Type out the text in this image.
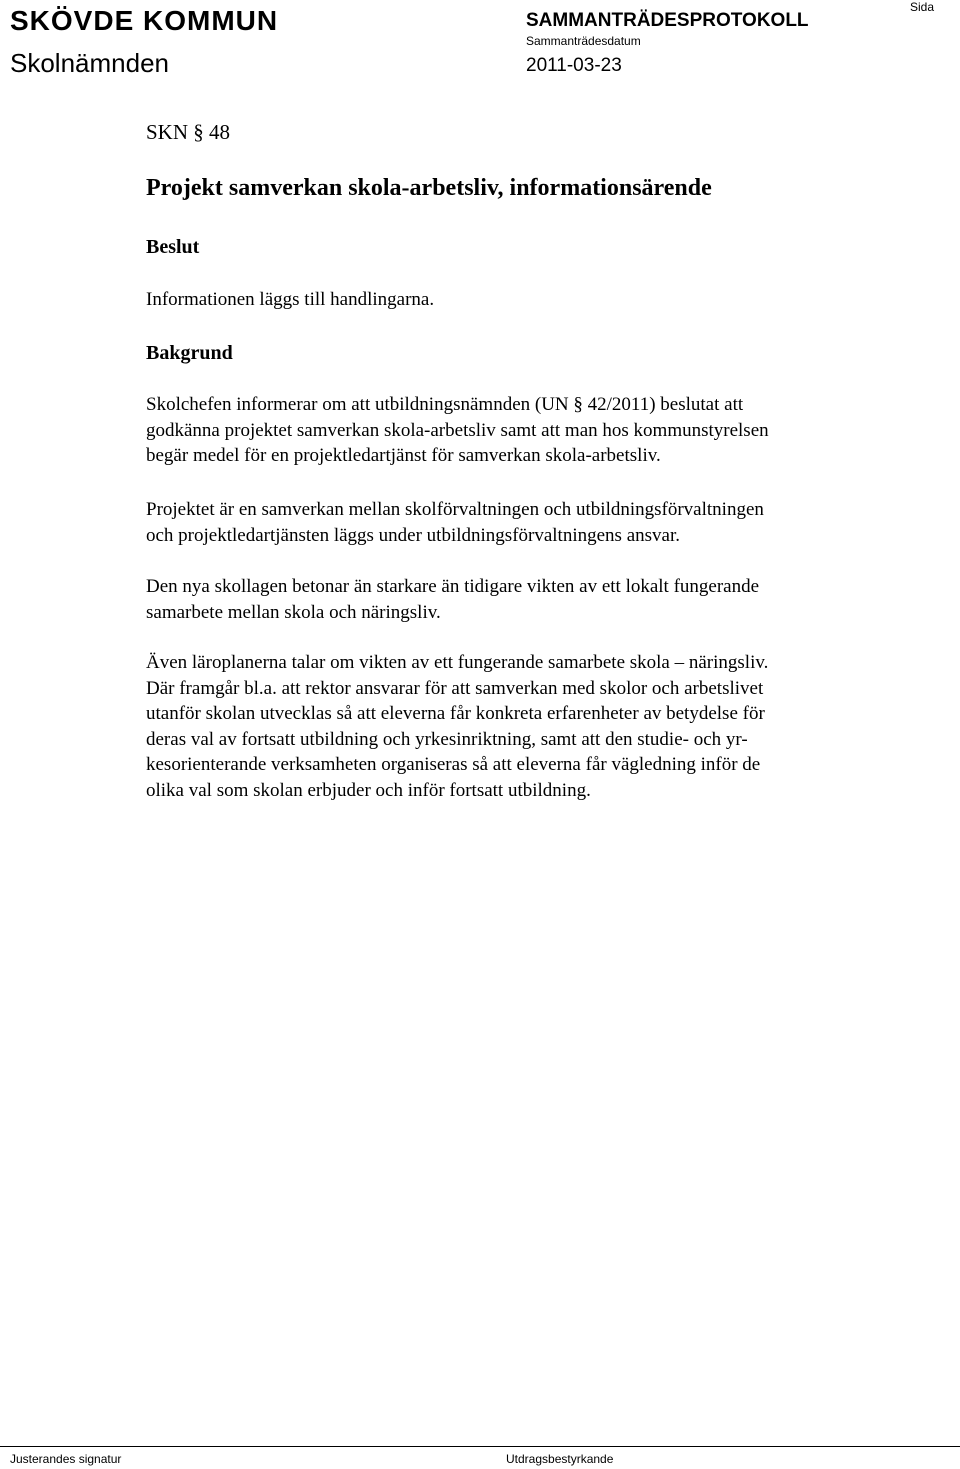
SKÖVDE KOMMUN
Skolnämnden
SAMMANTRÄDESPROTOKOLL
Sammanträdesdatum
2011-03-23
Sida
SKN § 48
Projekt samverkan skola-arbetsliv, informationsärende
Beslut
Informationen läggs till handlingarna.
Bakgrund
Skolchefen informerar om att utbildningsnämnden (UN § 42/2011) beslutat att
godkänna projektet samverkan skola-arbetsliv samt att man hos kommunstyrelsen
begär medel för en projektledartjänst för samverkan skola-arbetsliv.
Projektet är en samverkan mellan skolförvaltningen och utbildningsförvaltningen
och projektledartjänsten läggs under utbildningsförvaltningens ansvar.
Den nya skollagen betonar än starkare än tidigare vikten av ett lokalt fungerande
samarbete mellan skola och näringsliv.
Även läroplanerna talar om vikten av ett fungerande samarbete skola – näringsliv.
Där framgår bl.a. att rektor ansvarar för att samverkan med skolor och arbetslivet
utanför skolan utvecklas så att eleverna får konkreta erfarenheter av betydelse för
deras val av fortsatt utbildning och yrkesinriktning, samt att den studie- och yr-
kesorienterande verksamheten organiseras så att eleverna får vägledning inför de
olika val som skolan erbjuder och inför fortsatt utbildning.
Justerandes signatur	Utdragsbestyrkande
